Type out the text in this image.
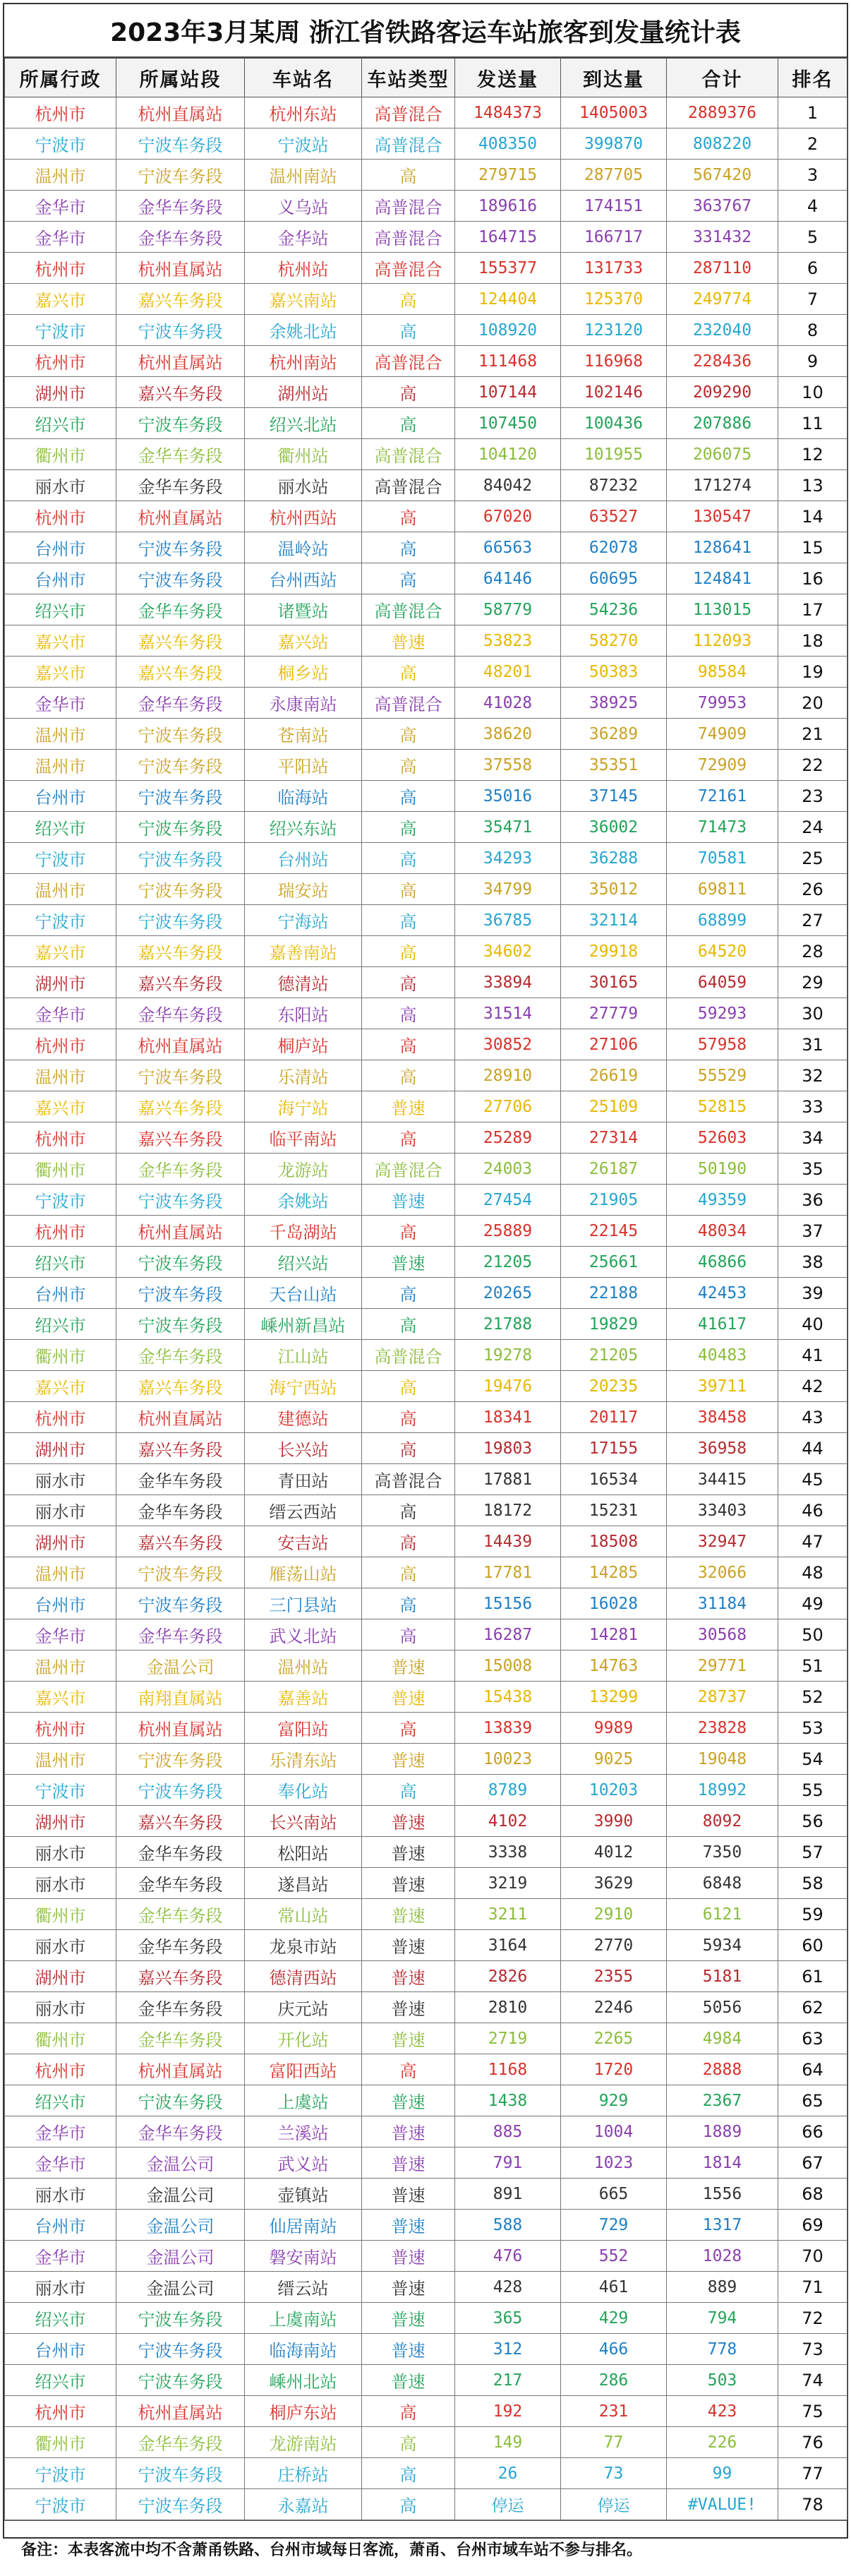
2023年3月某周 浙江省铁路客运车站旅客到发量统计表
所属行政	所属站段	车站名	车站类型	发送量	到达量	合计	排名
杭州市	杭州直属站	杭州东站	高普混合	1484373	1405003	2889376	1
宁波市	宁波车务段	宁波站	高普混合	408350	399870	808220	2
温州市	宁波车务段	温州南站	高	279715	287705	567420	3
金华市	金华车务段	义乌站	高普混合	189616	174151	363767	4
金华市	金华车务段	金华站	高普混合	164715	166717	331432	5
杭州市	杭州直属站	杭州站	高普混合	155377	131733	287110	6
嘉兴市	嘉兴车务段	嘉兴南站	高	124404	125370	249774	7
宁波市	宁波车务段	余姚北站	高	108920	123120	232040	8
杭州市	杭州直属站	杭州南站	高普混合	111468	116968	228436	9
湖州市	嘉兴车务段	湖州站	高	107144	102146	209290	10
绍兴市	宁波车务段	绍兴北站	高	107450	100436	207886	11
衢州市	金华车务段	衢州站	高普混合	104120	101955	206075	12
丽水市	金华车务段	丽水站	高普混合	84042	87232	171274	13
杭州市	杭州直属站	杭州西站	高	67020	63527	130547	14
台州市	宁波车务段	温岭站	高	66563	62078	128641	15
台州市	宁波车务段	台州西站	高	64146	60695	124841	16
绍兴市	金华车务段	诸暨站	高普混合	58779	54236	113015	17
嘉兴市	嘉兴车务段	嘉兴站	普速	53823	58270	112093	18
嘉兴市	嘉兴车务段	桐乡站	高	48201	50383	98584	19
金华市	金华车务段	永康南站	高普混合	41028	38925	79953	20
温州市	宁波车务段	苍南站	高	38620	36289	74909	21
温州市	宁波车务段	平阳站	高	37558	35351	72909	22
台州市	宁波车务段	临海站	高	35016	37145	72161	23
绍兴市	宁波车务段	绍兴东站	高	35471	36002	71473	24
宁波市	宁波车务段	台州站	高	34293	36288	70581	25
温州市	宁波车务段	瑞安站	高	34799	35012	69811	26
宁波市	宁波车务段	宁海站	高	36785	32114	68899	27
嘉兴市	嘉兴车务段	嘉善南站	高	34602	29918	64520	28
湖州市	嘉兴车务段	德清站	高	33894	30165	64059	29
金华市	金华车务段	东阳站	高	31514	27779	59293	30
杭州市	杭州直属站	桐庐站	高	30852	27106	57958	31
温州市	宁波车务段	乐清站	高	28910	26619	55529	32
嘉兴市	嘉兴车务段	海宁站	普速	27706	25109	52815	33
杭州市	嘉兴车务段	临平南站	高	25289	27314	52603	34
衢州市	金华车务段	龙游站	高普混合	24003	26187	50190	35
宁波市	宁波车务段	余姚站	普速	27454	21905	49359	36
杭州市	杭州直属站	千岛湖站	高	25889	22145	48034	37
绍兴市	宁波车务段	绍兴站	普速	21205	25661	46866	38
台州市	宁波车务段	天台山站	高	20265	22188	42453	39
绍兴市	宁波车务段	嵊州新昌站	高	21788	19829	41617	40
衢州市	金华车务段	江山站	高普混合	19278	21205	40483	41
嘉兴市	嘉兴车务段	海宁西站	高	19476	20235	39711	42
杭州市	杭州直属站	建德站	高	18341	20117	38458	43
湖州市	嘉兴车务段	长兴站	高	19803	17155	36958	44
丽水市	金华车务段	青田站	高普混合	17881	16534	34415	45
丽水市	金华车务段	缙云西站	高	18172	15231	33403	46
湖州市	嘉兴车务段	安吉站	高	14439	18508	32947	47
温州市	宁波车务段	雁荡山站	高	17781	14285	32066	48
台州市	宁波车务段	三门县站	高	15156	16028	31184	49
金华市	金华车务段	武义北站	高	16287	14281	30568	50
温州市	金温公司	温州站	普速	15008	14763	29771	51
嘉兴市	南翔直属站	嘉善站	普速	15438	13299	28737	52
杭州市	杭州直属站	富阳站	高	13839	9989	23828	53
温州市	宁波车务段	乐清东站	普速	10023	9025	19048	54
宁波市	宁波车务段	奉化站	高	8789	10203	18992	55
湖州市	嘉兴车务段	长兴南站	普速	4102	3990	8092	56
丽水市	金华车务段	松阳站	普速	3338	4012	7350	57
丽水市	金华车务段	遂昌站	普速	3219	3629	6848	58
衢州市	金华车务段	常山站	普速	3211	2910	6121	59
丽水市	金华车务段	龙泉市站	普速	3164	2770	5934	60
湖州市	嘉兴车务段	德清西站	普速	2826	2355	5181	61
丽水市	金华车务段	庆元站	普速	2810	2246	5056	62
衢州市	金华车务段	开化站	普速	2719	2265	4984	63
杭州市	杭州直属站	富阳西站	高	1168	1720	2888	64
绍兴市	宁波车务段	上虞站	普速	1438	929	2367	65
金华市	金华车务段	兰溪站	普速	885	1004	1889	66
金华市	金温公司	武义站	普速	791	1023	1814	67
丽水市	金温公司	壶镇站	普速	891	665	1556	68
台州市	金温公司	仙居南站	普速	588	729	1317	69
金华市	金温公司	磐安南站	普速	476	552	1028	70
丽水市	金温公司	缙云站	普速	428	461	889	71
绍兴市	宁波车务段	上虞南站	普速	365	429	794	72
台州市	宁波车务段	临海南站	普速	312	466	778	73
绍兴市	宁波车务段	嵊州北站	普速	217	286	503	74
杭州市	杭州直属站	桐庐东站	高	192	231	423	75
衢州市	金华车务段	龙游南站	高	149	77	226	76
宁波市	宁波车务段	庄桥站	高	26	73	99	77
宁波市	宁波车务段	永嘉站	高	停运	停运	#VALUE!	78
备注：本表客流中均不含萧甬铁路、台州市域每日客流，萧甬、台州市域车站不参与排名。
